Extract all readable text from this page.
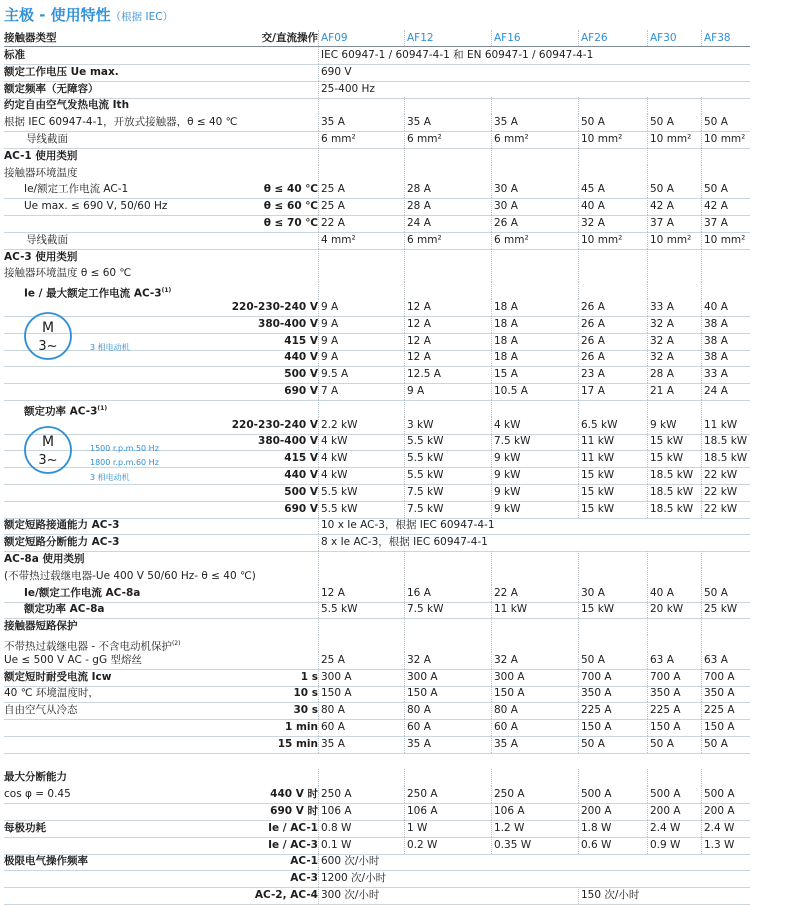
主极 - 使用特性（根据 IEC）
接触器类型	交/直流操作 AF09	AF12	AF16	AF26	AF30	AF38
标准	IEC 60947-1 / 60947-4-1 和 EN 60947-1 / 60947-4-1
额定工作电压 Ue max.	690 V
额定频率（无障容）	25-400 Hz
约定自由空气发热电流 Ith
根据 IEC 60947-4-1，开放式接触器，θ ≤ 40 ℃	35 A	35 A	35 A	50 A	50 A	50 A
导线截面	6 mm²	6 mm²	6 mm²	10 mm²	10 mm²	10 mm²
AC-1 使用类别
接触器环境温度
Ie/额定工作电流 AC-1	θ ≤ 40 ℃ 25 A	28 A	30 A	45 A	50 A	50 A
Ue max. ≤ 690 V, 50/60 Hz	θ ≤ 60 ℃ 25 A	28 A	30 A	40 A	42 A	42 A
θ ≤ 70 ℃ 22 A	24 A	26 A	32 A	37 A	37 A
导线截面	4 mm²	6 mm²	6 mm²	10 mm²	10 mm²	10 mm²
AC-3 使用类别
接触器环境温度 θ ≤ 60 ℃
Ie / 最大额定工作电流 AC-3$^{(1)}$
220-230-240 V 9 A	12 A	18 A	26 A	33 A	40 A
380-400 V 9 A	12 A	18 A	26 A	32 A	38 A
415 V 9 A	12 A	18 A	26 A	32 A	38 A
440 V 9 A	12 A	18 A	26 A	32 A	38 A
500 V 9.5 A	12.5 A	15 A	23 A	28 A	33 A
690 V 7 A	9 A	10.5 A	17 A	21 A	24 A
额定功率 AC-3$^{(1)}$
220-230-240 V 2.2 kW	3 kW	4 kW	6.5 kW	9 kW	11 kW
380-400 V 4 kW	5.5 kW	7.5 kW	11 kW	15 kW	18.5 kW
415 V 4 kW	5.5 kW	9 kW	11 kW	15 kW	18.5 kW
440 V 4 kW	5.5 kW	9 kW	15 kW	18.5 kW	22 kW
500 V 5.5 kW	7.5 kW	9 kW	15 kW	18.5 kW	22 kW
690 V 5.5 kW	7.5 kW	9 kW	15 kW	18.5 kW	22 kW
额定短路接通能力 AC-3	10 x Ie AC-3，根据 IEC 60947-4-1
额定短路分断能力 AC-3	8 x Ie AC-3，根据 IEC 60947-4-1
AC-8a 使用类别
(不带热过载继电器-Ue 400 V 50/60 Hz- θ ≤ 40 ℃)
Ie/额定工作电流 AC-8a	12 A	16 A	22 A	30 A	40 A	50 A
额定功率 AC-8a	5.5 kW	7.5 kW	11 kW	15 kW	20 kW	25 kW
接触器短路保护
不带热过载继电器 - 不含电动机保护$^{(2)}$
Ue ≤ 500 V AC - gG 型熔丝	25 A	32 A	32 A	50 A	63 A	63 A
额定短时耐受电流 Icw	1 s 300 A	300 A	300 A	700 A	700 A	700 A
40 ℃ 环境温度时，	10 s 150 A	150 A	150 A	350 A	350 A	350 A
自由空气从冷态	30 s 80 A	80 A	80 A	225 A	225 A	225 A
1 min 60 A	60 A	60 A	150 A	150 A	150 A
15 min 35 A	35 A	35 A	50 A	50 A	50 A
最大分断能力
cos φ = 0.45	440 V 时 250 A	250 A	250 A	500 A	500 A	500 A
690 V 时 106 A	106 A	106 A	200 A	200 A	200 A
每极功耗	Ie / AC-1 0.8 W	1 W	1.2 W	1.8 W	2.4 W	2.4 W
Ie / AC-3 0.1 W	0.2 W	0.35 W	0.6 W	0.9 W	1.3 W
极限电气操作频率	AC-1 600 次/小时
AC-3 1200 次/小时
AC-2, AC-4 300 次/小时	150 次/小时
M
3~	3 相电动机
M
3~
1500 r.p.m.50 Hz
1800 r.p.m.60 Hz
3 相电动机
